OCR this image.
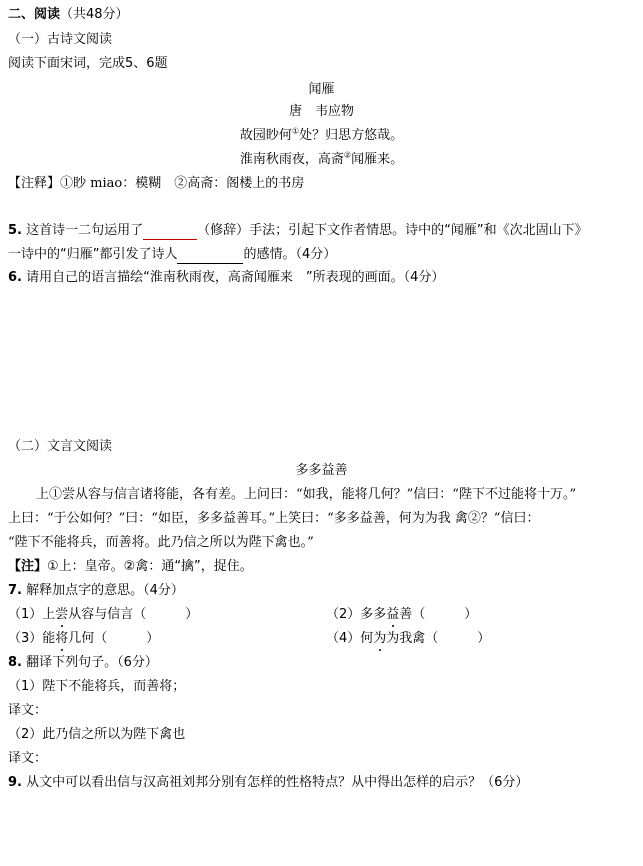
二、阅读（共48分）
（一）古诗文阅读
阅读下面宋词，完成5、6题
闻雁
唐　韦应物
故园眇何①处？归思方悠哉。
淮南秋雨夜，高斋②闻雁来。
【注释】①眇 miao：模糊　②高斋：阁楼上的书房
5. 这首诗一二句运用了	（修辞）手法；引起下文作者情思。诗中的“闻雁”和《次北固山下》
一诗中的“归雁”都引发了诗人	的感情。（4分）
6. 请用自己的语言描绘“淮南秋雨夜，高斋闻雁来　”所表现的画面。（4分）
（二）文言文阅读
多多益善
上①尝从容与信言诸将能，各有差。上问曰：“如我，能将几何？”信曰：“陛下不过能将十万。”
上曰：“于公如何？”曰：“如臣，多多益善耳。”上笑曰：“多多益善，何为为我 禽②？”信曰：
“陛下不能将兵，而善将。此乃信之所以为陛下禽也。”
【注】①上：皇帝。②禽：通“擒”，捉住。
7. 解释加点字的意思。（4分）
（1）上尝从容与信言（　　　）	（2）多多益善（　　　）
（3）能将几何（　　　）	（4）何为为我禽（　　　）
8. 翻译下列句子。（6分）
（1）陛下不能将兵，而善将；
译文：
（2）此乃信之所以为陛下禽也
译文：
9. 从文中可以看出信与汉高祖刘邦分别有怎样的性格特点？从中得出怎样的启示？（6分）
